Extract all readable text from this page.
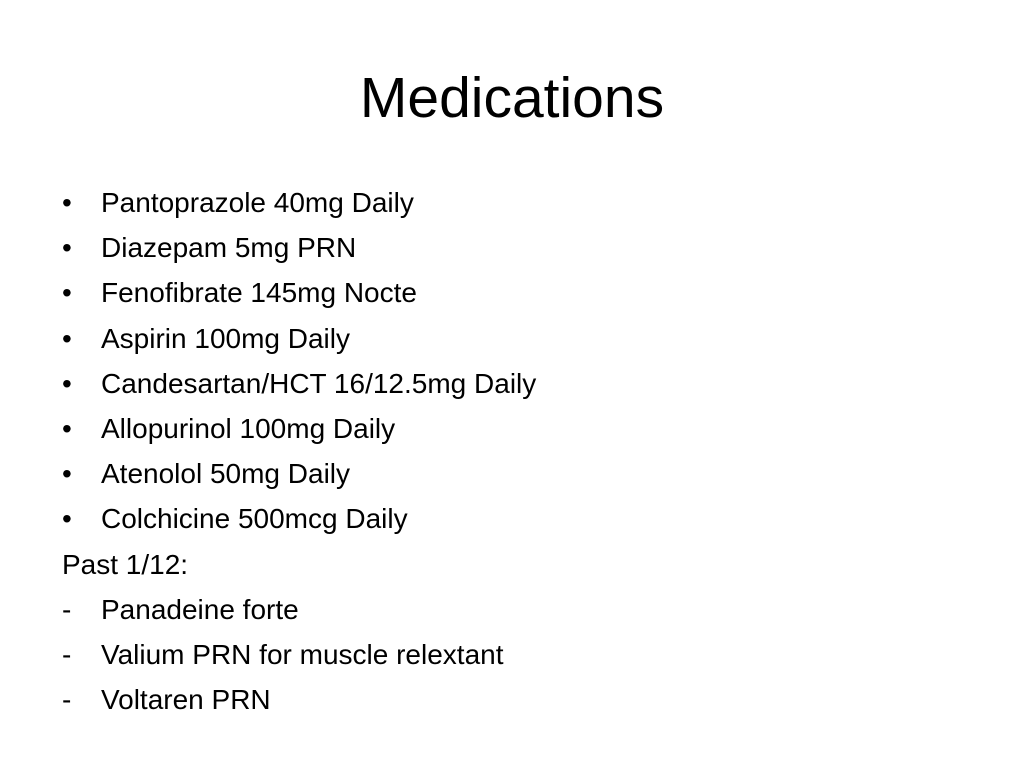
Medications
•	Pantoprazole 40mg Daily
•	Diazepam 5mg PRN
•	Fenofibrate 145mg Nocte
•	Aspirin 100mg Daily
•	Candesartan/HCT 16/12.5mg Daily
•	Allopurinol 100mg Daily
•	Atenolol 50mg Daily
•	Colchicine 500mcg Daily
Past 1/12:
-	Panadeine forte
-	Valium PRN for muscle relextant
-	Voltaren PRN
